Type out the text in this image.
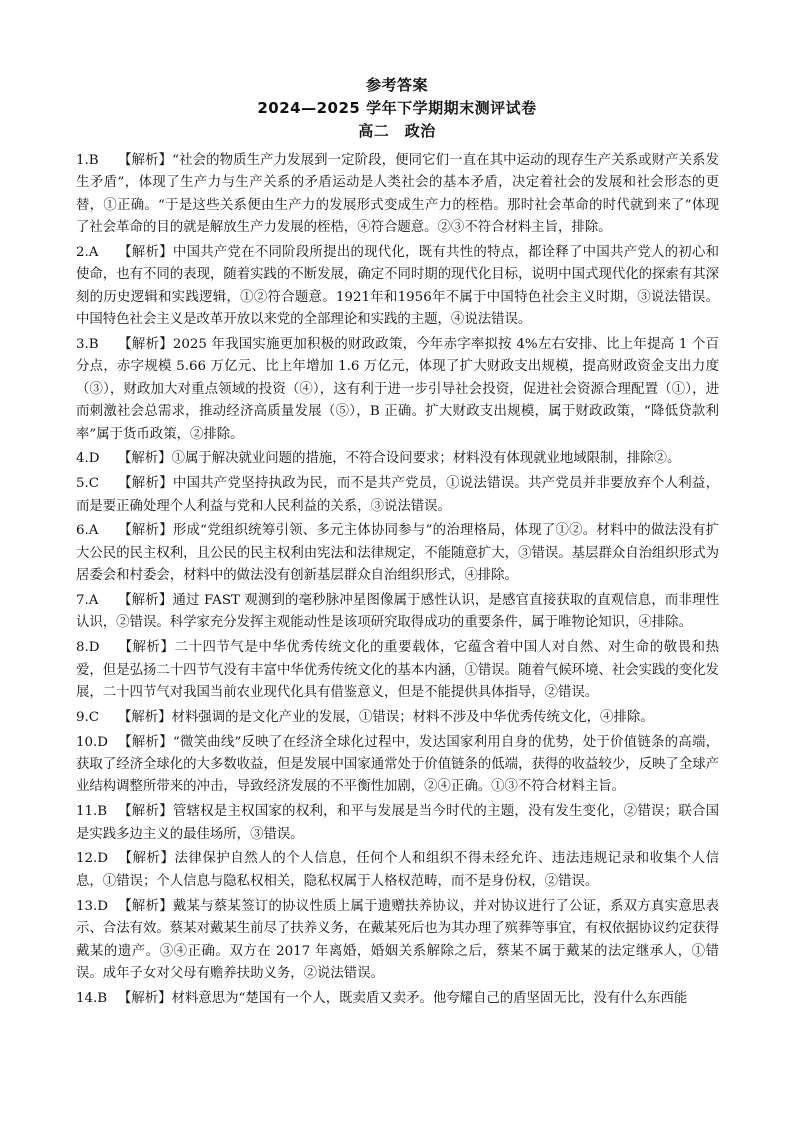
参考答案
2024—2025 学年下学期期末测评试卷
高二　政治

1.B 【解析】“社会的物质生产力发展到一定阶段，便同它们一直在其中运动的现存生产关系或财产关系发生矛盾”，体现了生产力与生产关系的矛盾运动是人类社会的基本矛盾，决定着社会的发展和社会形态的更替，①正确。“于是这些关系便由生产力的发展形式变成生产力的桎梏。那时社会革命的时代就到来了”体现了社会革命的目的就是解放生产力发展的桎梏，④符合题意。②③不符合材料主旨，排除。

2.A 【解析】中国共产党在不同阶段所提出的现代化，既有共性的特点，都诠释了中国共产党人的初心和使命，也有不同的表现，随着实践的不断发展，确定不同时期的现代化目标，说明中国式现代化的探索有其深刻的历史逻辑和实践逻辑，①②符合题意。1921年和1956年不属于中国特色社会主义时期，③说法错误。中国特色社会主义是改革开放以来党的全部理论和实践的主题，④说法错误。

3.B 【解析】2025 年我国实施更加积极的财政政策，今年赤字率拟按 4%左右安排、比上年提高 1 个百分点，赤字规模 5.66 万亿元、比上年增加 1.6 万亿元，体现了扩大财政支出规模，提高财政资金支出力度（③），财政加大对重点领域的投资（④），这有利于进一步引导社会投资，促进社会资源合理配置（①），进而刺激社会总需求，推动经济高质量发展（⑤），B 正确。扩大财政支出规模，属于财政政策，“降低贷款利率”属于货币政策，②排除。

4.D 【解析】①属于解决就业问题的措施，不符合设问要求；材料没有体现就业地域限制，排除②。

5.C 【解析】中国共产党坚持执政为民，而不是共产党员，①说法错误。共产党员并非要放弃个人利益，而是要正确处理个人利益与党和人民利益的关系，③说法错误。

6.A 【解析】形成“党组织统筹引领、多元主体协同参与”的治理格局，体现了①②。材料中的做法没有扩大公民的民主权利，且公民的民主权利由宪法和法律规定，不能随意扩大，③错误。基层群众自治组织形式为居委会和村委会，材料中的做法没有创新基层群众自治组织形式，④排除。

7.A 【解析】通过 FAST 观测到的毫秒脉冲星图像属于感性认识，是感官直接获取的直观信息，而非理性认识，②错误。科学家充分发挥主观能动性是该项研究取得成功的重要条件，属于唯物论知识，④排除。

8.D 【解析】二十四节气是中华优秀传统文化的重要载体，它蕴含着中国人对自然、对生命的敬畏和热爱，但是弘扬二十四节气没有丰富中华优秀传统文化的基本内涵，①错误。随着气候环境、社会实践的变化发展，二十四节气对我国当前农业现代化具有借鉴意义，但是不能提供具体指导，②错误。

9.C 【解析】材料强调的是文化产业的发展，①错误；材料不涉及中华优秀传统文化，④排除。

10.D 【解析】“微笑曲线”反映了在经济全球化过程中，发达国家利用自身的优势，处于价值链条的高端，获取了经济全球化的大多数收益，但是发展中国家通常处于价值链条的低端，获得的收益较少，反映了全球产业结构调整所带来的冲击，导致经济发展的不平衡性加剧，②④正确。①③不符合材料主旨。

11.B 【解析】管辖权是主权国家的权利，和平与发展是当今时代的主题，没有发生变化，②错误；联合国是实践多边主义的最佳场所，③错误。

12.D 【解析】法律保护自然人的个人信息，任何个人和组织不得未经允许、违法违规记录和收集个人信息，①错误；个人信息与隐私权相关，隐私权属于人格权范畴，而不是身份权，②错误。

13.D 【解析】戴某与蔡某签订的协议性质上属于遗赠扶养协议，并对协议进行了公证，系双方真实意思表示、合法有效。蔡某对戴某生前尽了扶养义务，在戴某死后也为其办理了殡葬等事宜，有权依据协议约定获得戴某的遗产。③④正确。双方在 2017 年离婚，婚姻关系解除之后，蔡某不属于戴某的法定继承人，①错误。成年子女对父母有赡养扶助义务，②说法错误。

14.B 【解析】材料意思为“楚国有一个人，既卖盾又卖矛。他夸耀自己的盾坚固无比，没有什么东西能
